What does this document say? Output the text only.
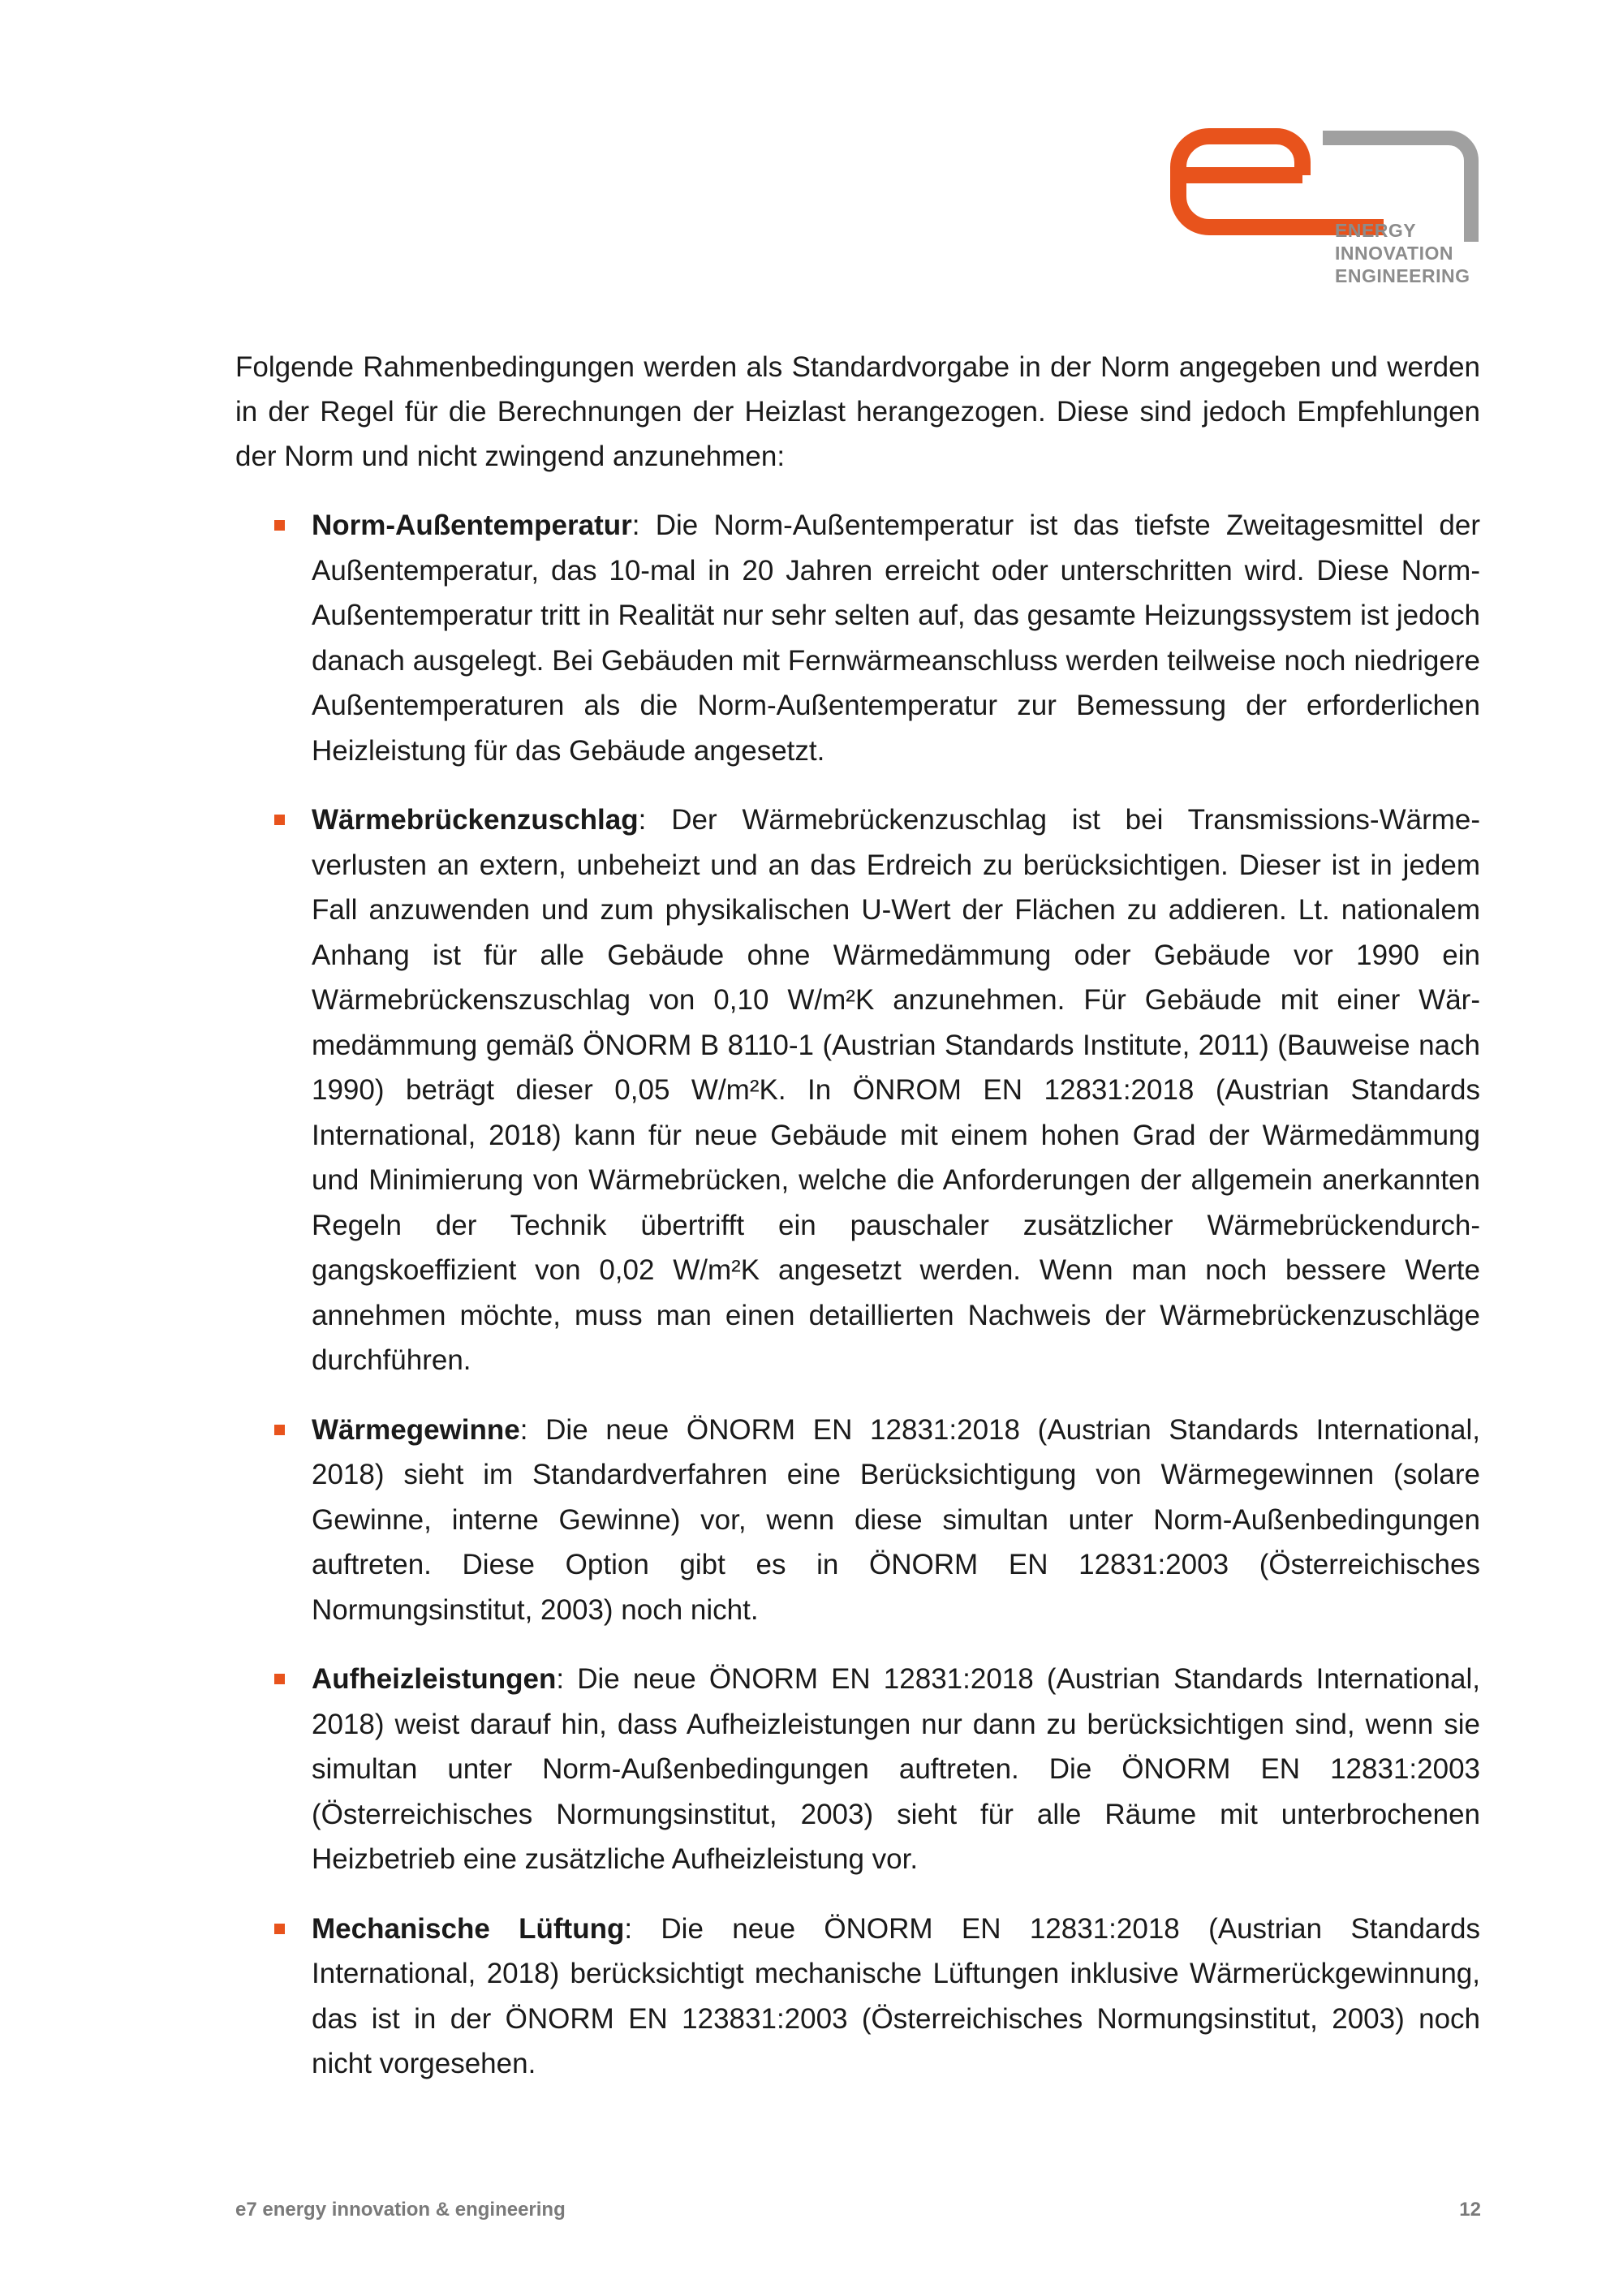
ENERGY
INNOVATION
ENGINEERING

Folgende Rahmenbedingungen werden als Standardvorgabe in der Norm angegeben und werden in der Regel für die Berechnungen der Heizlast herangezogen. Diese sind jedoch Empfehlungen der Norm und nicht zwingend anzunehmen:

Norm-Außentemperatur: Die Norm-Außentemperatur ist das tiefste Zweitagesmittel der Außentemperatur, das 10-mal in 20 Jahren erreicht oder unterschritten wird. Diese Norm-Außentemperatur tritt in Realität nur sehr selten auf, das gesamte Heizungssystem ist jedoch danach ausgelegt. Bei Gebäuden mit Fernwärmeanschluss werden teilweise noch niedrigere Außentemperaturen als die Norm-Außentemperatur zur Bemessung der erforderlichen Heizleistung für das Gebäude angesetzt.
Wärmebrückenzuschlag: Der Wärmebrückenzuschlag ist bei Transmissions-Wärmeverlusten an extern, unbeheizt und an das Erdreich zu berücksichtigen. Dieser ist in jedem Fall anzuwenden und zum physikalischen U-Wert der Flächen zu addieren. Lt. nationalem Anhang ist für alle Gebäude ohne Wärmedämmung oder Gebäude vor 1990 ein Wärmebrückenszuschlag von 0,10 W/m²K anzunehmen. Für Gebäude mit einer Wärmedämmung gemäß ÖNORM B 8110-1 (Austrian Standards Institute, 2011) (Bauweise nach 1990) beträgt dieser 0,05 W/m²K. In ÖNROM EN 12831:2018 (Austrian Standards International, 2018) kann für neue Gebäude mit einem hohen Grad der Wärmedämmung und Minimierung von Wärmebrücken, welche die Anforderungen der allgemein anerkannten Regeln der Technik übertrifft ein pauschaler zusätzlicher Wärmebrückendurchgangskoeffizient von 0,02 W/m²K angesetzt werden. Wenn man noch bessere Werte annehmen möchte, muss man einen detaillierten Nachweis der Wärmebrückenzuschläge durchführen.
Wärmegewinne: Die neue ÖNORM EN 12831:2018 (Austrian Standards International, 2018) sieht im Standardverfahren eine Berücksichtigung von Wärmegewinnen (solare Gewinne, interne Gewinne) vor, wenn diese simultan unter Norm-Außenbedingungen auftreten. Diese Option gibt es in ÖNORM EN 12831:2003 (Österreichisches Normungsinstitut, 2003) noch nicht.
Aufheizleistungen: Die neue ÖNORM EN 12831:2018 (Austrian Standards International, 2018) weist darauf hin, dass Aufheizleistungen nur dann zu berücksichtigen sind, wenn sie simultan unter Norm-Außenbedingungen auftreten. Die ÖNORM EN 12831:2003 (Österreichisches Normungsinstitut, 2003) sieht für alle Räume mit unterbrochenen Heizbetrieb eine zusätzliche Aufheizleistung vor.
Mechanische Lüftung: Die neue ÖNORM EN 12831:2018 (Austrian Standards International, 2018) berücksichtigt mechanische Lüftungen inklusive Wärmerückgewinnung, das ist in der ÖNORM EN 123831:2003 (Österreichisches Normungsinstitut, 2003) noch nicht vorgesehen.
e7 energy innovation & engineering	12
